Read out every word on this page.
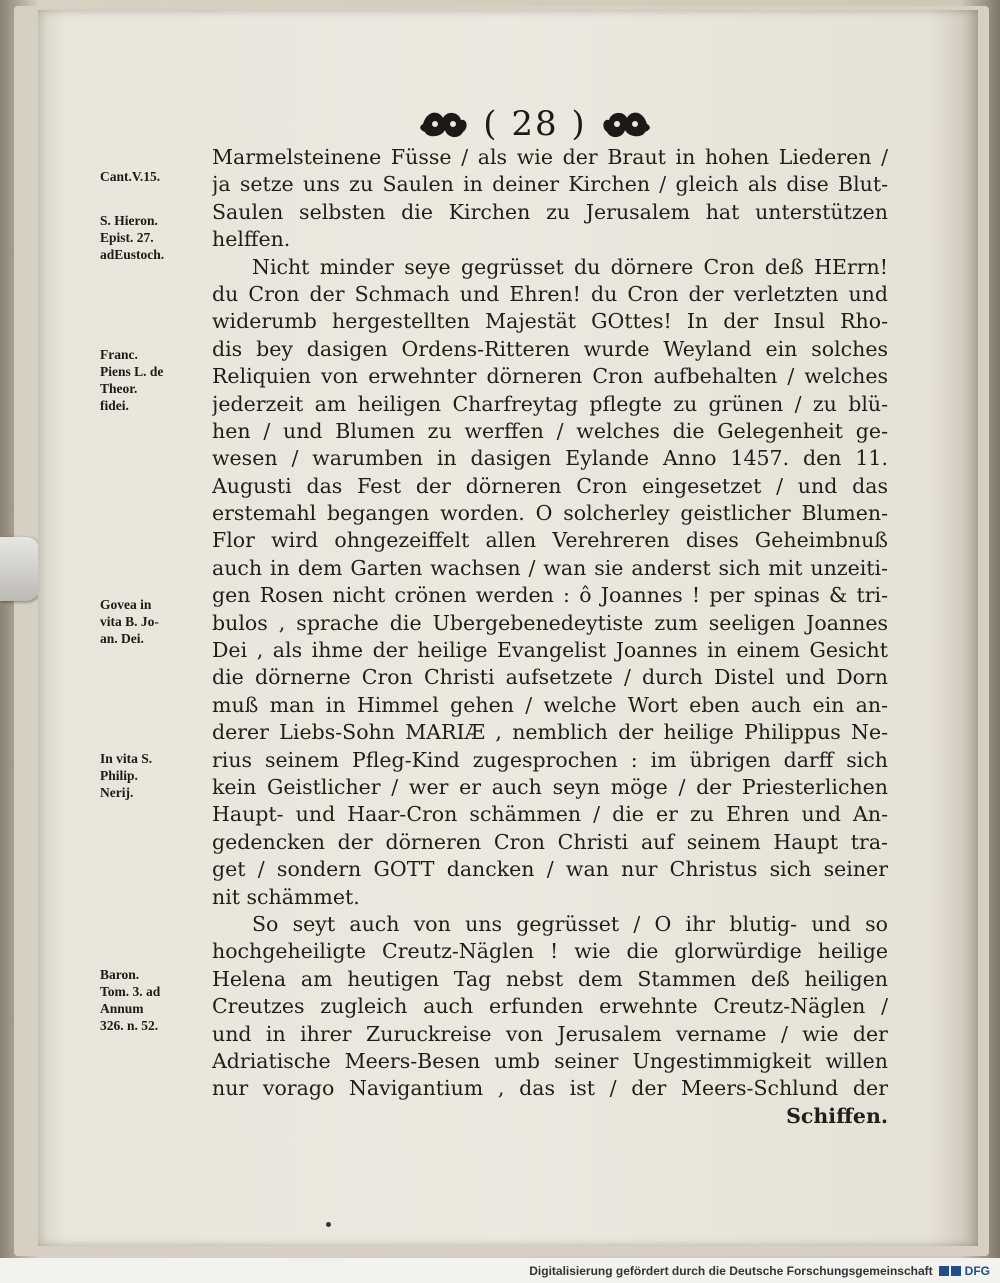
( 28 )
Cant.V.15.
S. Hieron.
Epist. 27.
adEustoch.
Franc.
Piens L. de
Theor.
fidei.
Govea in
vita B. Jo-
an. Dei.
In vita S.
Philip.
Nerij.
Baron.
Tom. 3. ad
Annum
326. n. 52.
Marmelsteinene Füsse / als wie der Braut in hohen Liederen /
ja setze uns zu Saulen in deiner Kirchen / gleich als dise Blut-
Saulen selbsten die Kirchen zu Jerusalem hat unterstützen
helffen.
Nicht minder seye gegrüsset du dörnere Cron deß HErrn!
du Cron der Schmach und Ehren! du Cron der verletzten und
widerumb hergestellten Majestät GOttes! In der Insul Rho-
dis bey dasigen Ordens-Ritteren wurde Weyland ein solches
Reliquien von erwehnter dörneren Cron aufbehalten / welches
jederzeit am heiligen Charfreytag pflegte zu grünen / zu blü-
hen / und Blumen zu werffen / welches die Gelegenheit ge-
wesen / warumben in dasigen Eylande Anno 1457. den 11.
Augusti das Fest der dörneren Cron eingesetzet / und das
erstemahl begangen worden. O solcherley geistlicher Blumen-
Flor wird ohngezeiffelt allen Verehreren dises Geheimbnuß
auch in dem Garten wachsen / wan sie anderst sich mit unzeiti-
gen Rosen nicht crönen werden : ô Joannes ! per spinas & tri-
bulos , sprache die Ubergebenedeytiste zum seeligen Joannes
Dei , als ihme der heilige Evangelist Joannes in einem Gesicht
die dörnerne Cron Christi aufsetzete / durch Distel und Dorn
muß man in Himmel gehen / welche Wort eben auch ein an-
derer Liebs-Sohn MARIÆ , nemblich der heilige Philippus Ne-
rius seinem Pfleg-Kind zugesprochen : im übrigen darff sich
kein Geistlicher / wer er auch seyn möge / der Priesterlichen
Haupt- und Haar-Cron schämmen / die er zu Ehren und An-
gedencken der dörneren Cron Christi auf seinem Haupt tra-
get / sondern GOTT dancken / wan nur Christus sich seiner
nit schämmet.
So seyt auch von uns gegrüsset / O ihr blutig- und so
hochgeheiligte Creutz-Näglen ! wie die glorwürdige heilige
Helena am heutigen Tag nebst dem Stammen deß heiligen
Creutzes zugleich auch erfunden erwehnte Creutz-Näglen /
und in ihrer Zuruckreise von Jerusalem vername / wie der
Adriatische Meers-Besen umb seiner Ungestimmigkeit willen
nur vorago Navigantium , das ist / der Meers-Schlund der
Schiffen.
Digitalisierung gefördert durch die Deutsche Forschungsgemeinschaft	DFG
